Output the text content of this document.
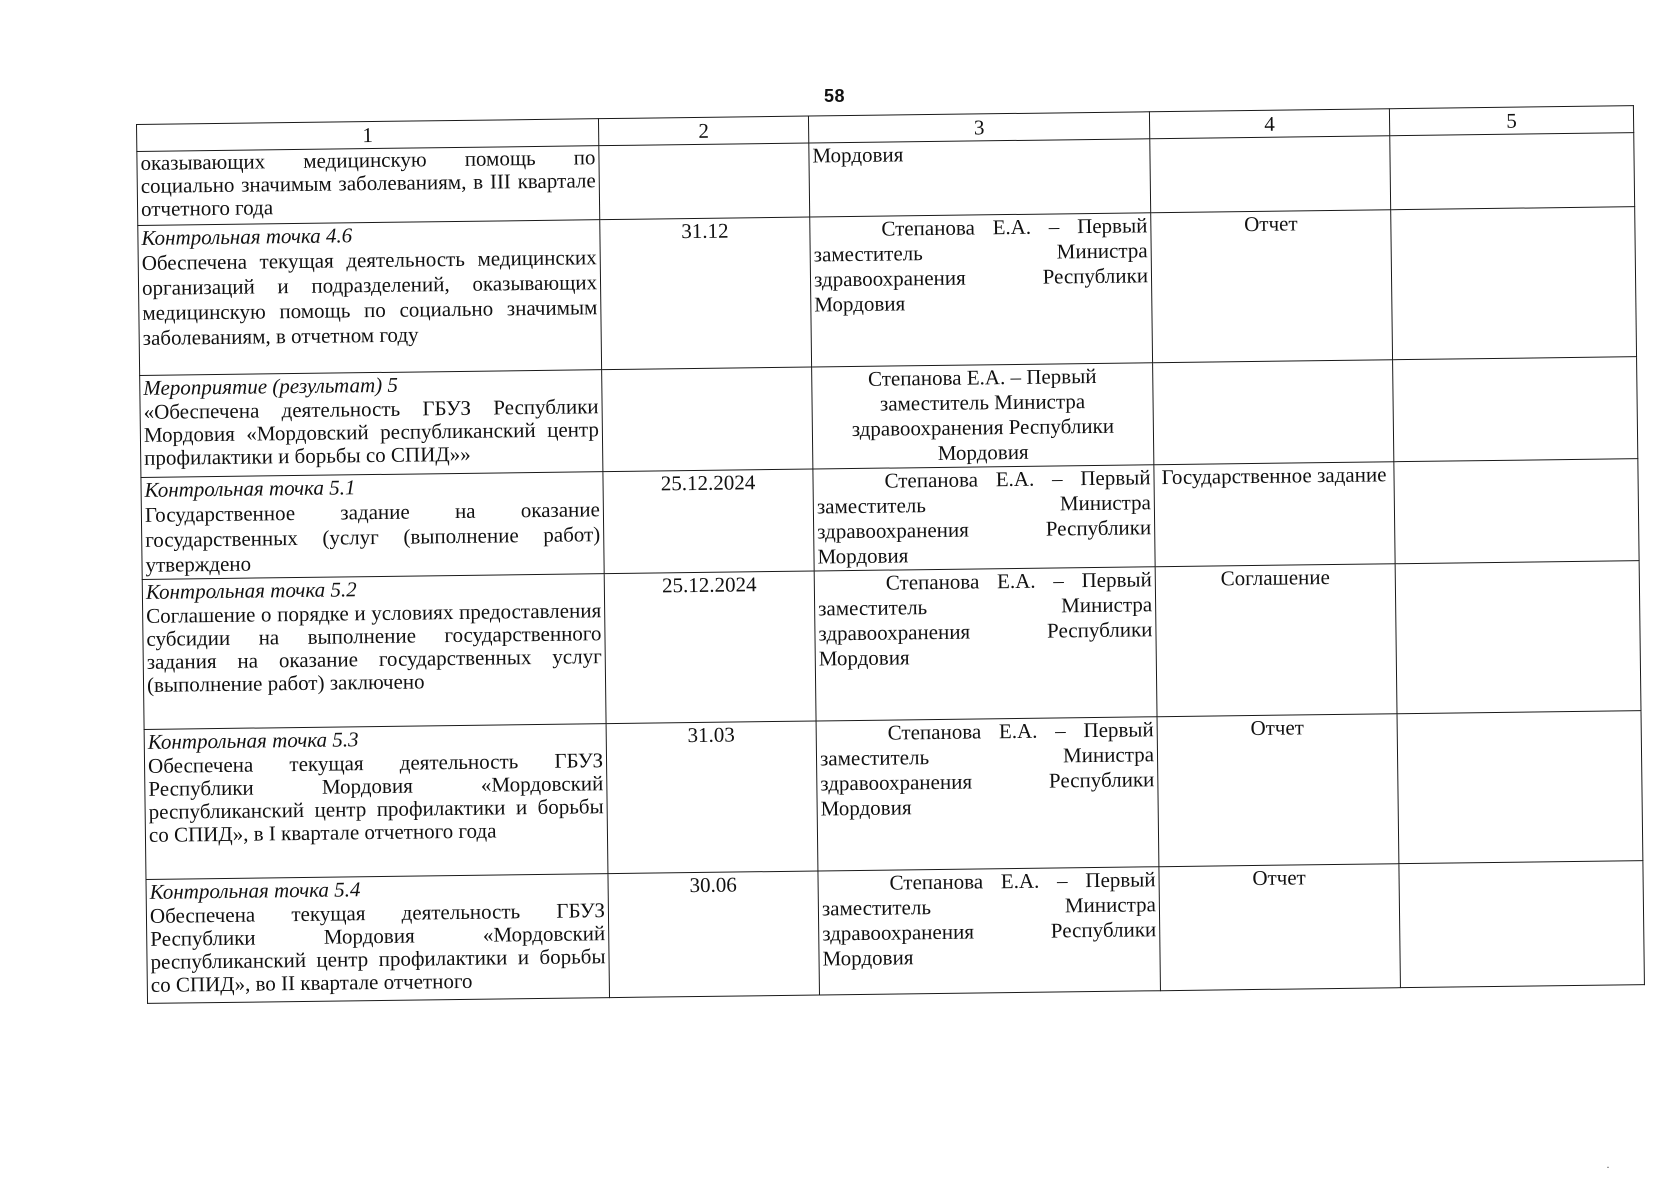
58
1	2	3	4	5

оказывающих медицинскую помощь по социально значимым заболеваниям, в III квартале отчетного года		Мордовия		

Контрольная точка 4.6
Обеспечена текущая деятельность медицинских организаций и подразделений, оказывающих медицинскую помощь по социально значимым заболеваниям, в отчетном году	31.12	Степанова Е.А. – Первый заместитель Министра здравоохранения Республики Мордовия	Отчет	

Мероприятие (результат) 5
«Обеспечена деятельность ГБУЗ Республики Мордовия «Мордовский республиканский центр профилактики и борьбы со СПИД»»		Степанова Е.А. – Первый заместитель Министра здравоохранения Республики Мордовия		

Контрольная точка 5.1
Государственное задание на оказание государственных (услуг (выполнение работ) утверждено	25.12.2024	Степанова Е.А. – Первый заместитель Министра здравоохранения Республики Мордовия	Государственное задание	

Контрольная точка 5.2
Соглашение о порядке и условиях предоставления субсидии на выполнение государственного задания на оказание государственных услуг (выполнение работ) заключено	25.12.2024	Степанова Е.А. – Первый заместитель Министра здравоохранения Республики Мордовия	Соглашение	

Контрольная точка 5.3
Обеспечена текущая деятельность ГБУЗ Республики Мордовия «Мордовский республиканский центр профилактики и борьбы со СПИД», в I квартале отчетного года	31.03	Степанова Е.А. – Первый заместитель Министра здравоохранения Республики Мордовия	Отчет	

Контрольная точка 5.4
Обеспечена текущая деятельность ГБУЗ Республики Мордовия «Мордовский республиканский центр профилактики и борьбы со СПИД», во II квартале отчетного	30.06	Степанова Е.А. – Первый заместитель Министра здравоохранения Республики Мордовия	Отчет	
·
